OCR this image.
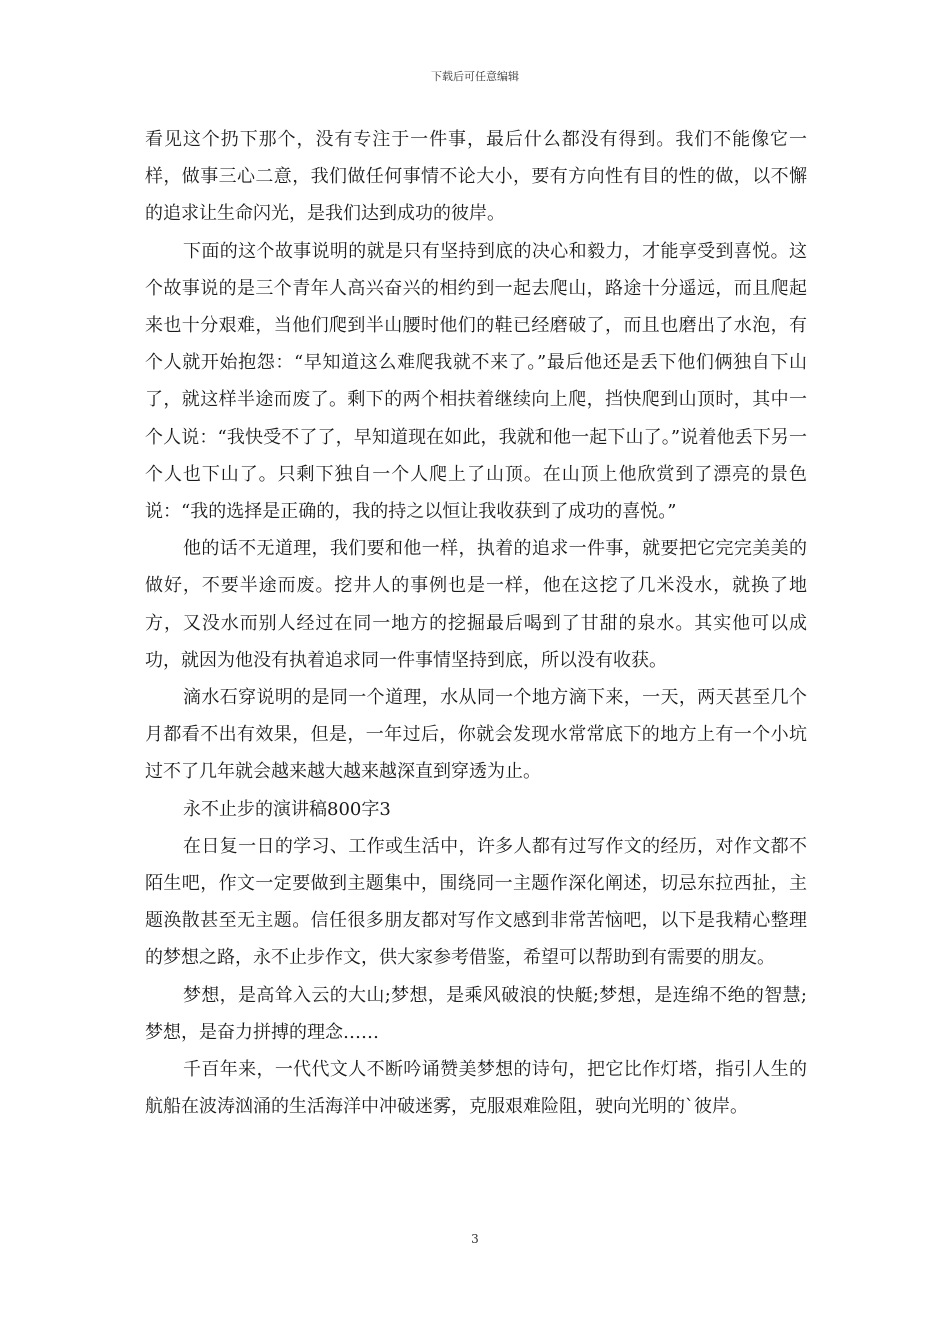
下载后可任意编辑

看见这个扔下那个，没有专注于一件事，最后什么都没有得到。我们不能像它一样，做事三心二意，我们做任何事情不论大小，要有方向性有目的性的做，以不懈的追求让生命闪光，是我们达到成功的彼岸。

下面的这个故事说明的就是只有坚持到底的决心和毅力，才能享受到喜悦。这个故事说的是三个青年人高兴奋兴的相约到一起去爬山，路途十分遥远，而且爬起来也十分艰难，当他们爬到半山腰时他们的鞋已经磨破了，而且也磨出了水泡，有个人就开始抱怨：“早知道这么难爬我就不来了。”最后他还是丢下他们俩独自下山了，就这样半途而废了。剩下的两个相扶着继续向上爬，挡快爬到山顶时，其中一个人说：“我快受不了了，早知道现在如此，我就和他一起下山了。”说着他丢下另一个人也下山了。只剩下独自一个人爬上了山顶。在山顶上他欣赏到了漂亮的景色说：“我的选择是正确的，我的持之以恒让我收获到了成功的喜悦。”

他的话不无道理，我们要和他一样，执着的追求一件事，就要把它完完美美的做好，不要半途而废。挖井人的事例也是一样，他在这挖了几米没水，就换了地方，又没水而别人经过在同一地方的挖掘最后喝到了甘甜的泉水。其实他可以成功，就因为他没有执着追求同一件事情坚持到底，所以没有收获。

滴水石穿说明的是同一个道理，水从同一个地方滴下来，一天，两天甚至几个月都看不出有效果，但是，一年过后，你就会发现水常常底下的地方上有一个小坑过不了几年就会越来越大越来越深直到穿透为止。

永不止步的演讲稿800字3

在日复一日的学习、工作或生活中，许多人都有过写作文的经历，对作文都不陌生吧，作文一定要做到主题集中，围绕同一主题作深化阐述，切忌东拉西扯，主题涣散甚至无主题。信任很多朋友都对写作文感到非常苦恼吧，以下是我精心整理的梦想之路，永不止步作文，供大家参考借鉴，希望可以帮助到有需要的朋友。

梦想，是高耸入云的大山;梦想，是乘风破浪的快艇;梦想，是连绵不绝的智慧;梦想，是奋力拼搏的理念……

千百年来，一代代文人不断吟诵赞美梦想的诗句，把它比作灯塔，指引人生的航船在波涛汹涌的生活海洋中冲破迷雾，克服艰难险阻，驶向光明的`彼岸。

3
